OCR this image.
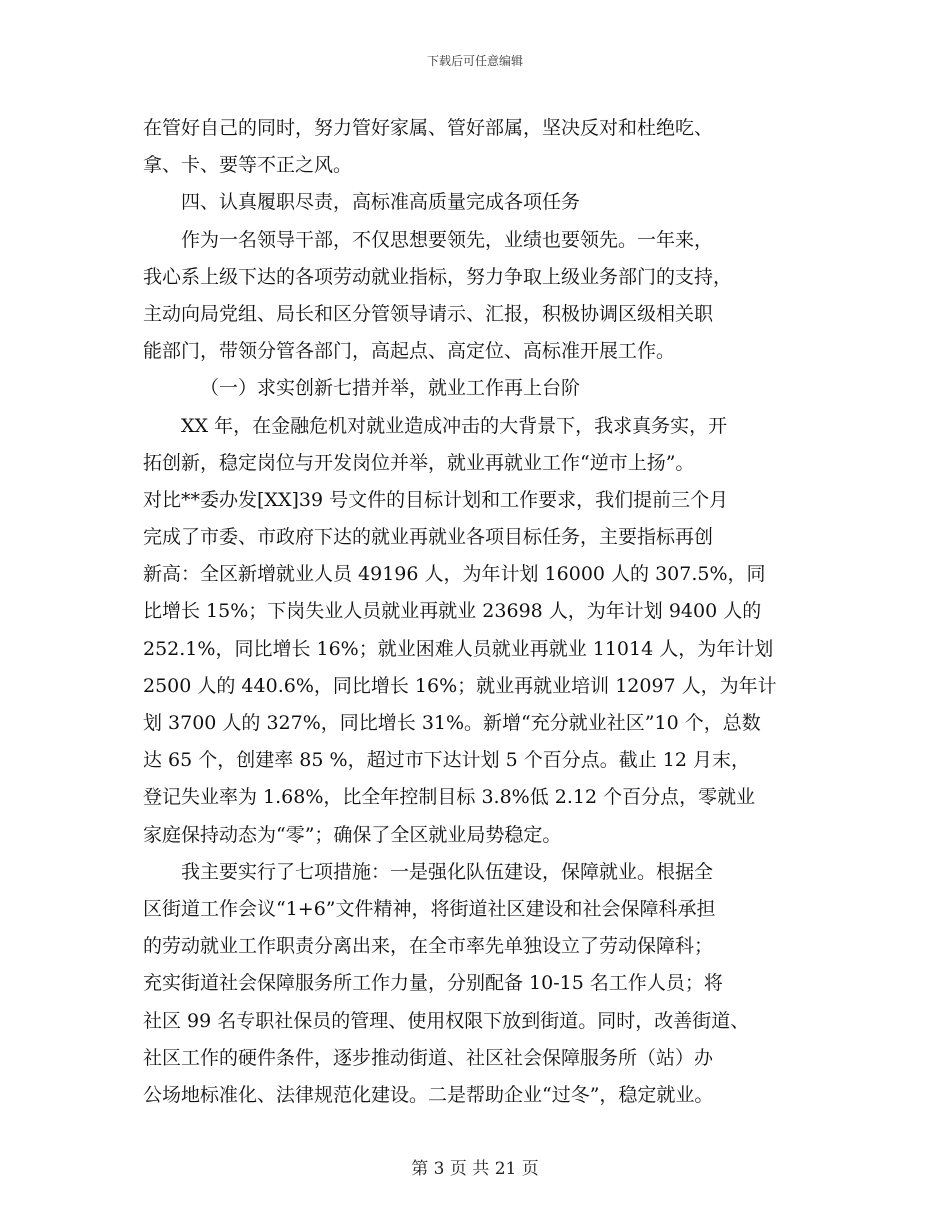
下载后可任意编辑
在管好自己的同时，努力管好家属、管好部属，坚决反对和杜绝吃、
拿、卡、要等不正之风。
四、认真履职尽责，高标准高质量完成各项任务
作为一名领导干部，不仅思想要领先，业绩也要领先。一年来，
我心系上级下达的各项劳动就业指标，努力争取上级业务部门的支持，
主动向局党组、局长和区分管领导请示、汇报，积极协调区级相关职
能部门，带领分管各部门，高起点、高定位、高标准开展工作。
（一）求实创新七措并举，就业工作再上台阶
XX 年，在金融危机对就业造成冲击的大背景下，我求真务实，开
拓创新，稳定岗位与开发岗位并举，就业再就业工作“逆市上扬”。
对比**委办发[XX]39 号文件的目标计划和工作要求，我们提前三个月
完成了市委、市政府下达的就业再就业各项目标任务，主要指标再创
新高：全区新增就业人员 49196 人，为年计划 16000 人的 307.5%，同
比增长 15%；下岗失业人员就业再就业 23698 人，为年计划 9400 人的
252.1%，同比增长 16%；就业困难人员就业再就业 11014 人，为年计划
2500 人的 440.6%，同比增长 16%；就业再就业培训 12097 人，为年计
划 3700 人的 327%，同比增长 31%。新增“充分就业社区”10 个，总数
达 65 个，创建率 85 %，超过市下达计划 5 个百分点。截止 12 月末，
登记失业率为 1.68%，比全年控制目标 3.8%低 2.12 个百分点，零就业
家庭保持动态为“零”；确保了全区就业局势稳定。
我主要实行了七项措施：一是强化队伍建设，保障就业。根据全
区街道工作会议“1+6”文件精神，将街道社区建设和社会保障科承担
的劳动就业工作职责分离出来，在全市率先单独设立了劳动保障科；
充实街道社会保障服务所工作力量，分别配备 10-15 名工作人员；将
社区 99 名专职社保员的管理、使用权限下放到街道。同时，改善街道、
社区工作的硬件条件，逐步推动街道、社区社会保障服务所（站）办
公场地标准化、法律规范化建设。二是帮助企业“过冬”，稳定就业。
第 3 页 共 21 页
